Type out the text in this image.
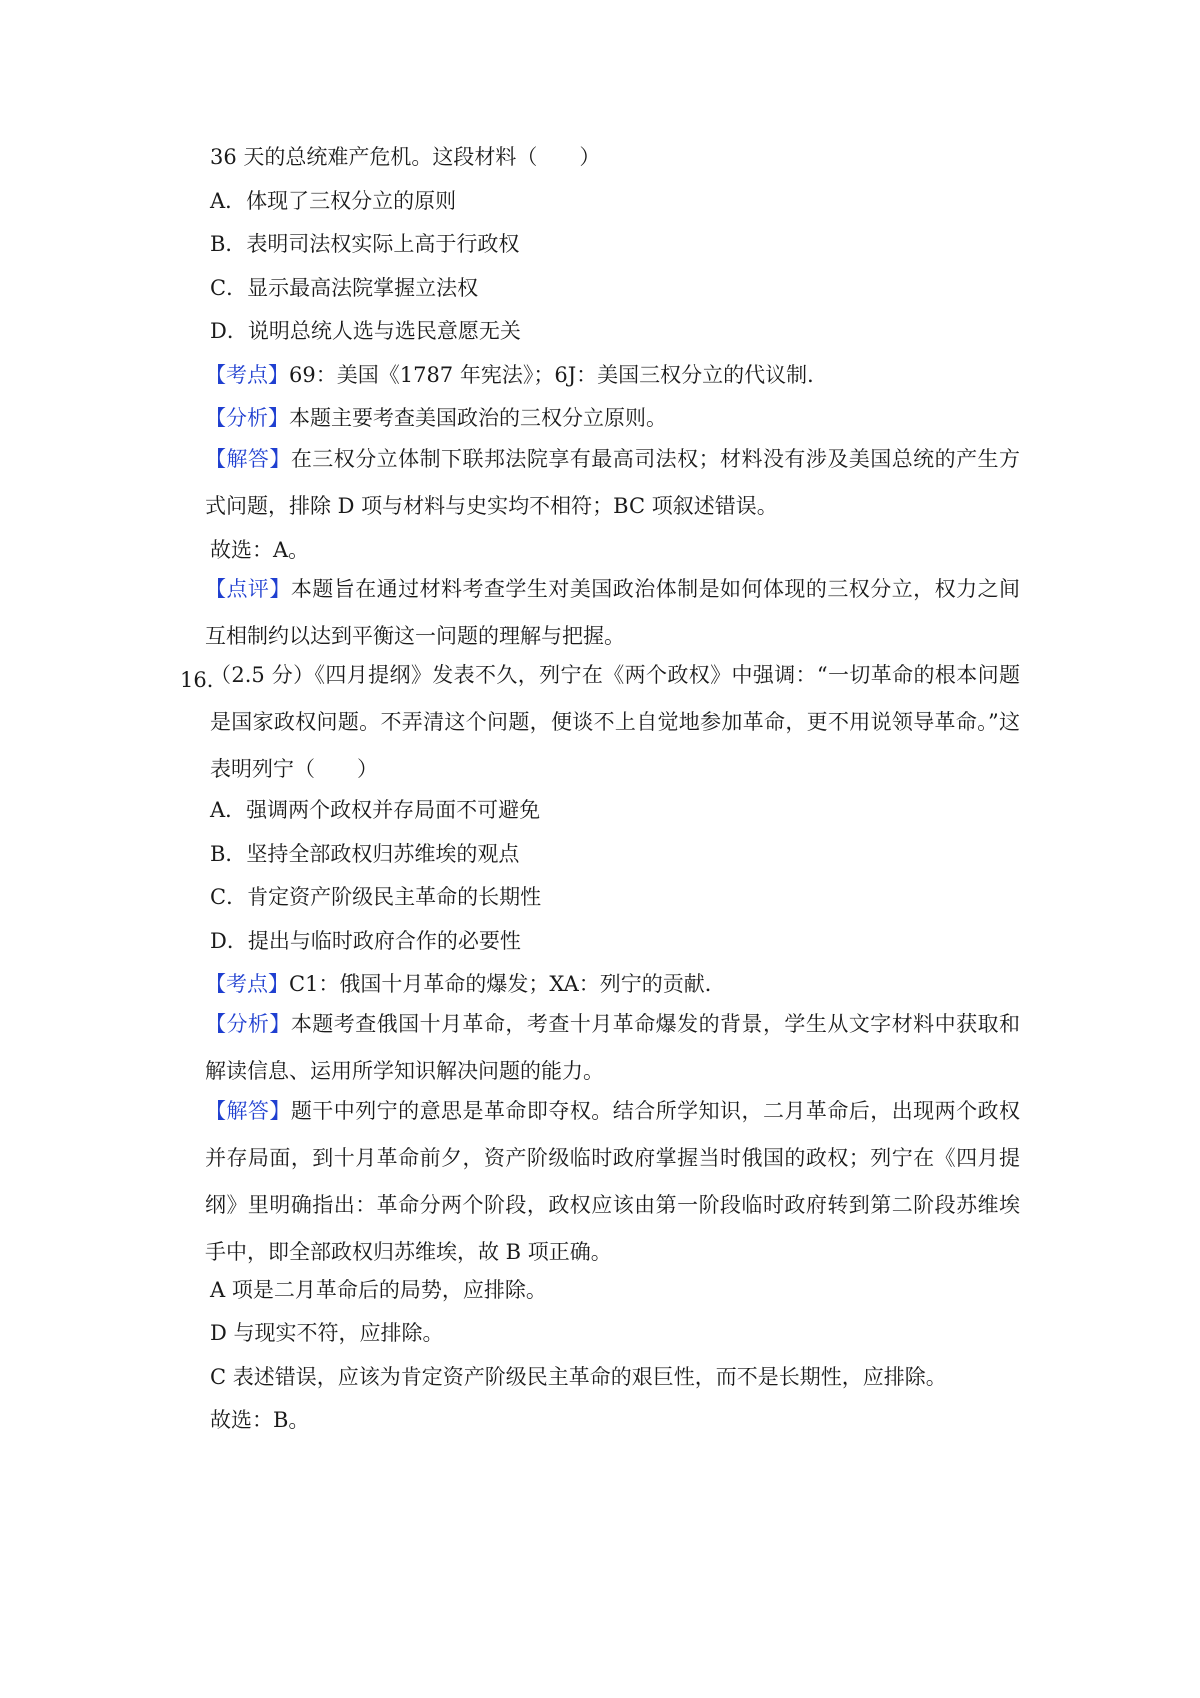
36 天的总统难产危机。这段材料（　　）
A．体现了三权分立的原则
B．表明司法权实际上高于行政权
C．显示最高法院掌握立法权
D．说明总统人选与选民意愿无关
【考点】69：美国《1787 年宪法》；6J：美国三权分立的代议制．
【分析】本题主要考查美国政治的三权分立原则。
【解答】在三权分立体制下联邦法院享有最高司法权；材料没有涉及美国总统的产生方式问题，排除 D 项与材料与史实均不相符；BC 项叙述错误。
故选：A。
【点评】本题旨在通过材料考查学生对美国政治体制是如何体现的三权分立，权力之间互相制约以达到平衡这一问题的理解与把握。
16．
（2.5 分）《四月提纲》发表不久，列宁在《两个政权》中强调：“一切革命的根本问题是国家政权问题。不弄清这个问题，便谈不上自觉地参加革命，更不用说领导革命。”这表明列宁（　　）
A．强调两个政权并存局面不可避免
B．坚持全部政权归苏维埃的观点
C．肯定资产阶级民主革命的长期性
D．提出与临时政府合作的必要性
【考点】C1：俄国十月革命的爆发；XA：列宁的贡献．
【分析】本题考查俄国十月革命，考查十月革命爆发的背景，学生从文字材料中获取和解读信息、运用所学知识解决问题的能力。
【解答】题干中列宁的意思是革命即夺权。结合所学知识，二月革命后，出现两个政权并存局面，到十月革命前夕，资产阶级临时政府掌握当时俄国的政权；列宁在《四月提纲》里明确指出：革命分两个阶段，政权应该由第一阶段临时政府转到第二阶段苏维埃手中，即全部政权归苏维埃，故 B 项正确。
A 项是二月革命后的局势，应排除。
D 与现实不符，应排除。
C 表述错误，应该为肯定资产阶级民主革命的艰巨性，而不是长期性，应排除。
故选：B。
